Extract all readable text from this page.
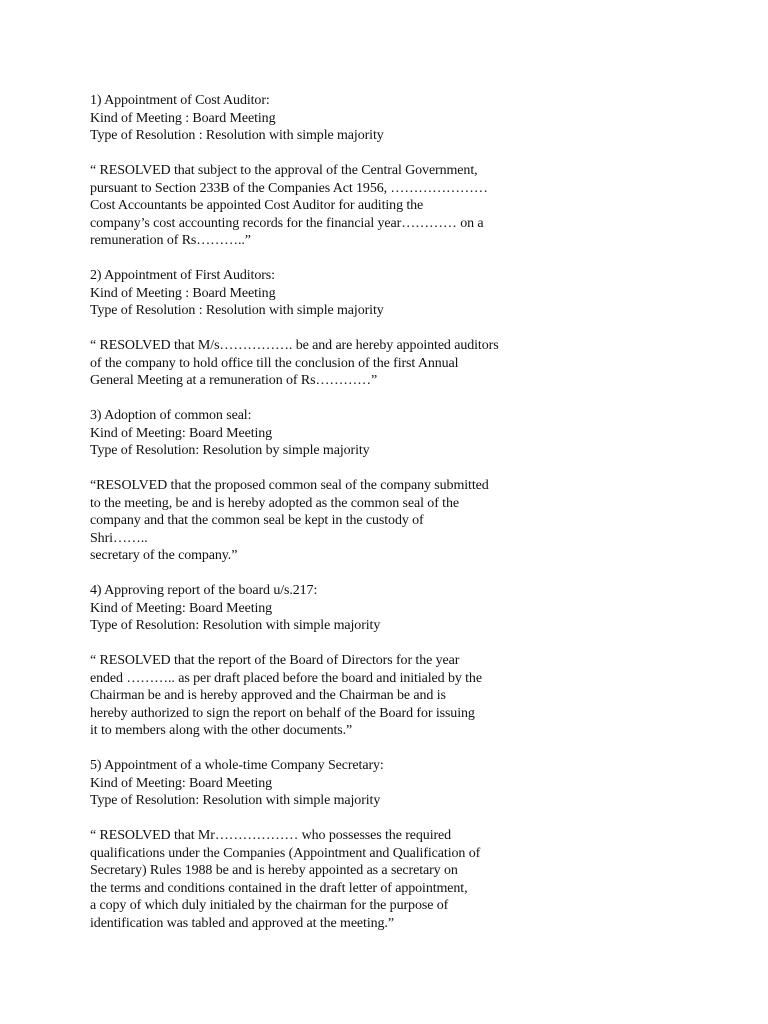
1) Appointment of Cost Auditor:
Kind of Meeting : Board Meeting
Type of Resolution : Resolution with simple majority
“ RESOLVED that subject to the approval of the Central Government,
pursuant to Section 233B of the Companies Act 1956, …………………
Cost Accountants be appointed Cost Auditor for auditing the
company’s cost accounting records for the financial year………… on a
remuneration of Rs………..”
2) Appointment of First Auditors:
Kind of Meeting : Board Meeting
Type of Resolution : Resolution with simple majority
“ RESOLVED that M/s……………. be and are hereby appointed auditors
of the company to hold office till the conclusion of the first Annual
General Meeting at a remuneration of Rs…………”
3) Adoption of common seal:
Kind of Meeting: Board Meeting
Type of Resolution: Resolution by simple majority
“RESOLVED that the proposed common seal of the company submitted
to the meeting, be and is hereby adopted as the common seal of the
company and that the common seal be kept in the custody of
Shri……..
secretary of the company.”
4) Approving report of the board u/s.217:
Kind of Meeting: Board Meeting
Type of Resolution: Resolution with simple majority
“ RESOLVED that the report of the Board of Directors for the year
ended ……….. as per draft placed before the board and initialed by the
Chairman be and is hereby approved and the Chairman be and is
hereby authorized to sign the report on behalf of the Board for issuing
it to members along with the other documents.”
5) Appointment of a whole-time Company Secretary:
Kind of Meeting: Board Meeting
Type of Resolution: Resolution with simple majority
“ RESOLVED that Mr……………… who possesses the required
qualifications under the Companies (Appointment and Qualification of
Secretary) Rules 1988 be and is hereby appointed as a secretary on
the terms and conditions contained in the draft letter of appointment,
a copy of which duly initialed by the chairman for the purpose of
identification was tabled and approved at the meeting.”
